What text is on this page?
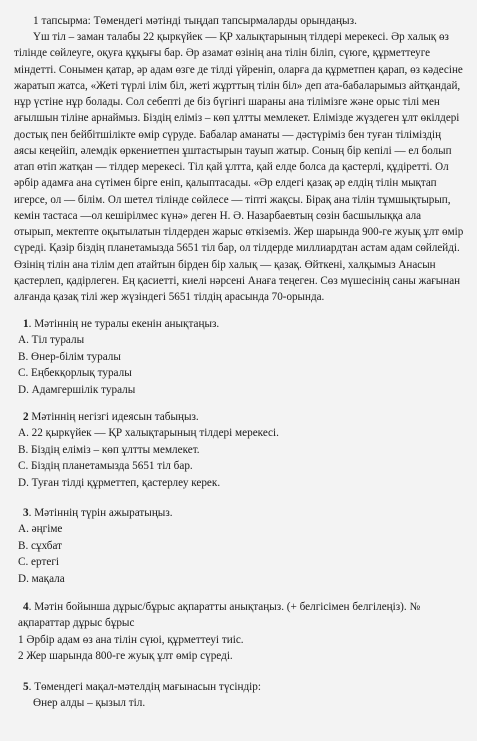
1 тапсырма: Төмендегі мәтінді тыңдап тапсырмаларды орындаңыз.
Үш тіл – заман талабы 22 қыркүйек — ҚР халықтарының тілдері мерекесі. Әр халық өз
тілінде сөйлеуге, оқуға құқығы бар. Әр азамат өзінің ана тілін біліп, сүюге, құрметтеуге
міндетті. Сонымен қатар, әр адам өзге де тілді үйреніп, оларға да құрметпен қарап, өз кәдесіне
жаратып жатса, «Жеті түрлі ілім біл, жеті жұрттың тілін біл» деп ата-бабаларымыз айтқандай,
нұр үстіне нұр болады. Сол себепті де біз бүгінгі шараны ана тілімізге және орыс тілі мен
ағылшын тіліне арнаймыз. Біздің еліміз – көп ұлтты мемлекет. Елімізде жүздеген ұлт өкілдері
достық пен бейбітшілікте өмір сүруде. Бабалар аманаты — дәстүріміз бен туған тіліміздің
аясы кеңейіп, әлемдік өркениетпен ұштастырын тауып жатыр. Соның бір кепілі — ел болып
атап өтіп жатқан — тілдер мерекесі. Тіл қай ұлтта, қай елде болса да қастерлі, құдіретті. Ол
әрбір адамға ана сүтімен бірге еніп, қалыптасады. «Әр елдегі қазақ әр елдің тілін мықтап
игерсе, ол — білім. Ол шетел тілінде сөйлесе — тіпті жақсы. Бірақ ана тілін тұмшықтырып,
кемін тастаса —ол кешірілмес күнә» деген Н. Ә. Назарбаевтың сөзін басшылыққа ала
отырып, мектепте оқытылатын тілдерден жарыс өткіземіз. Жер шарында 900-ге жуық ұлт өмір
сүреді. Қазір біздің планетамызда 5651 тіл бар, ол тілдерде миллиардтан астам адам сөйлейді.
Өзінің тілін ана тілім деп атайтын бірден бір халық — қазақ. Өйткені, халқымыз Анасын
қастерлеп, қадірлеген. Ең қасиетті, киелі нәрсені Анаға теңеген. Сөз мүшесінің саны жағынан
алғанда қазақ тілі жер жүзіндегі 5651 тілдің арасында 70-орында.
1. Мәтіннің не туралы екенін анықтаңыз.
A. Тіл туралы
B. Өнер-білім туралы
C. Еңбекқорлық туралы
D. Адамгершілік туралы
2 Мәтіннің негізгі идеясын табыңыз.
A. 22 қыркүйек — ҚР халықтарының тілдері мерекесі.
B. Біздің еліміз – көп ұлтты мемлекет.
C. Біздің планетамызда 5651 тіл бар.
D. Туған тілді құрметтеп, қастерлеу керек.
3. Мәтіннің түрін ажыратыңыз.
A. әңгіме
B. сұхбат
C. ертегі
D. мақала
4. Мәтін бойынша дұрыс/бұрыс ақпаратты анықтаңыз. (+ белгісімен белгілеңіз). №
ақпараттар дұрыс бұрыс
1 Әрбір адам өз ана тілін сүюі, құрметтеуі тиіс.
2 Жер шарында 800-ге жуық ұлт өмір сүреді.
5. Төмендегі мақал-мәтелдің мағынасын түсіндір:
Өнер алды – қызыл тіл.
